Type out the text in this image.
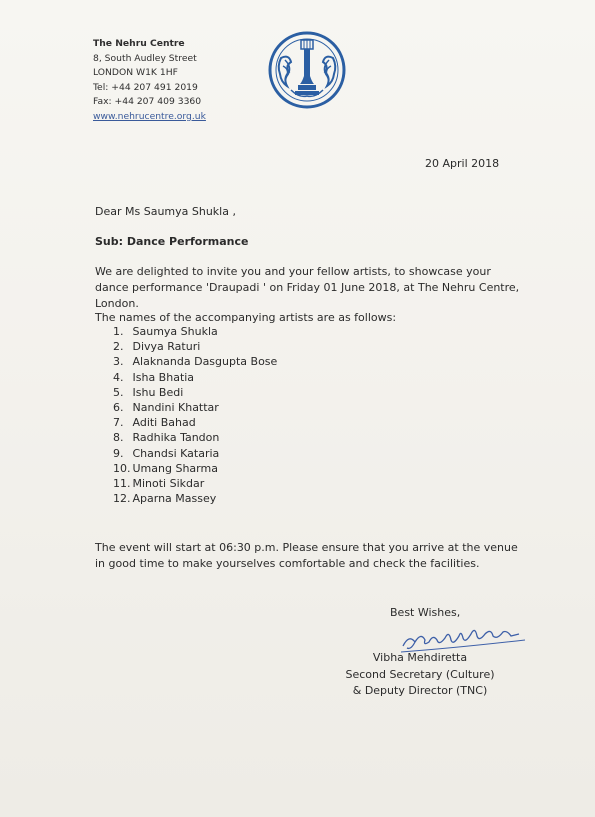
The Nehru Centre
8, South Audley Street
LONDON W1K 1HF
Tel: +44 207 491 2019
Fax: +44 207 409 3360
www.nehrucentre.org.uk
20 April 2018
Dear Ms Saumya Shukla ,
Sub: Dance Performance
We are delighted to invite you and your fellow artists, to showcase your dance performance 'Draupadi ' on Friday 01 June 2018, at The Nehru Centre, London.
The names of the accompanying artists are as follows:
1. Saumya Shukla
2. Divya Raturi
3. Alaknanda Dasgupta Bose
4. Isha Bhatia
5. Ishu Bedi
6. Nandini Khattar
7. Aditi Bahad
8. Radhika Tandon
9. Chandsi Kataria
10. Umang Sharma
11. Minoti Sikdar
12. Aparna Massey
The event will start at 06:30 p.m. Please ensure that you arrive at the venue in good time to make yourselves comfortable and check the facilities.
Best Wishes,
Vibha Mehdiretta
Second Secretary (Culture)
& Deputy Director (TNC)
